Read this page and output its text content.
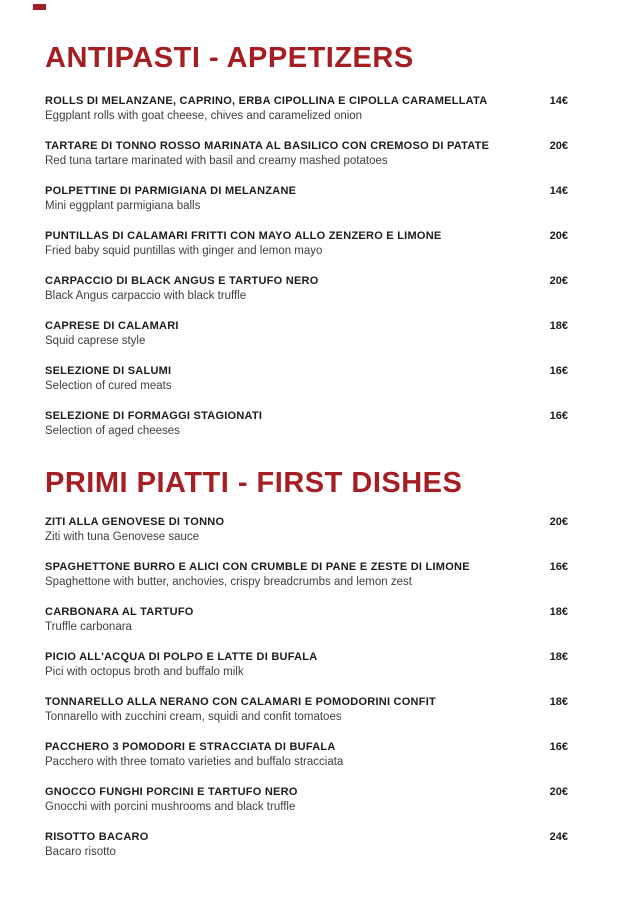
ANTIPASTI - APPETIZERS
ROLLS DI MELANZANE, CAPRINO, ERBA CIPOLLINA E CIPOLLA CARAMELLATA	14€
Eggplant rolls with goat cheese, chives and caramelized onion
TARTARE DI TONNO ROSSO MARINATA AL BASILICO CON CREMOSO DI PATATE	20€
Red tuna tartare marinated with basil and creamy mashed potatoes
POLPETTINE DI PARMIGIANA DI MELANZANE	14€
Mini eggplant parmigiana balls
PUNTILLAS DI CALAMARI FRITTI CON MAYO ALLO ZENZERO E LIMONE	20€
Fried baby squid puntillas with ginger and lemon mayo
CARPACCIO DI BLACK ANGUS E TARTUFO NERO	20€
Black Angus carpaccio with black truffle
CAPRESE DI CALAMARI	18€
Squid caprese style
SELEZIONE DI SALUMI	16€
Selection of cured meats
SELEZIONE DI FORMAGGI STAGIONATI	16€
Selection of aged cheeses
PRIMI PIATTI - FIRST DISHES
ZITI ALLA GENOVESE DI TONNO	20€
Ziti with tuna Genovese sauce
SPAGHETTONE BURRO E ALICI CON CRUMBLE DI PANE E ZESTE DI LIMONE	16€
Spaghettone with butter, anchovies, crispy breadcrumbs and lemon zest
CARBONARA AL TARTUFO	18€
Truffle carbonara
PICIO ALL'ACQUA DI POLPO E LATTE DI BUFALA	18€
Pici with octopus broth and buffalo milk
TONNARELLO ALLA NERANO CON CALAMARI E POMODORINI CONFIT	18€
Tonnarello with zucchini cream, squidi and confit tomatoes
PACCHERO 3 POMODORI E STRACCIATA DI BUFALA	16€
Pacchero with three tomato varieties and buffalo stracciata
GNOCCO FUNGHI PORCINI E TARTUFO NERO	20€
Gnocchi with porcini mushrooms and black truffle
RISOTTO BACARO	24€
Bacaro risotto
